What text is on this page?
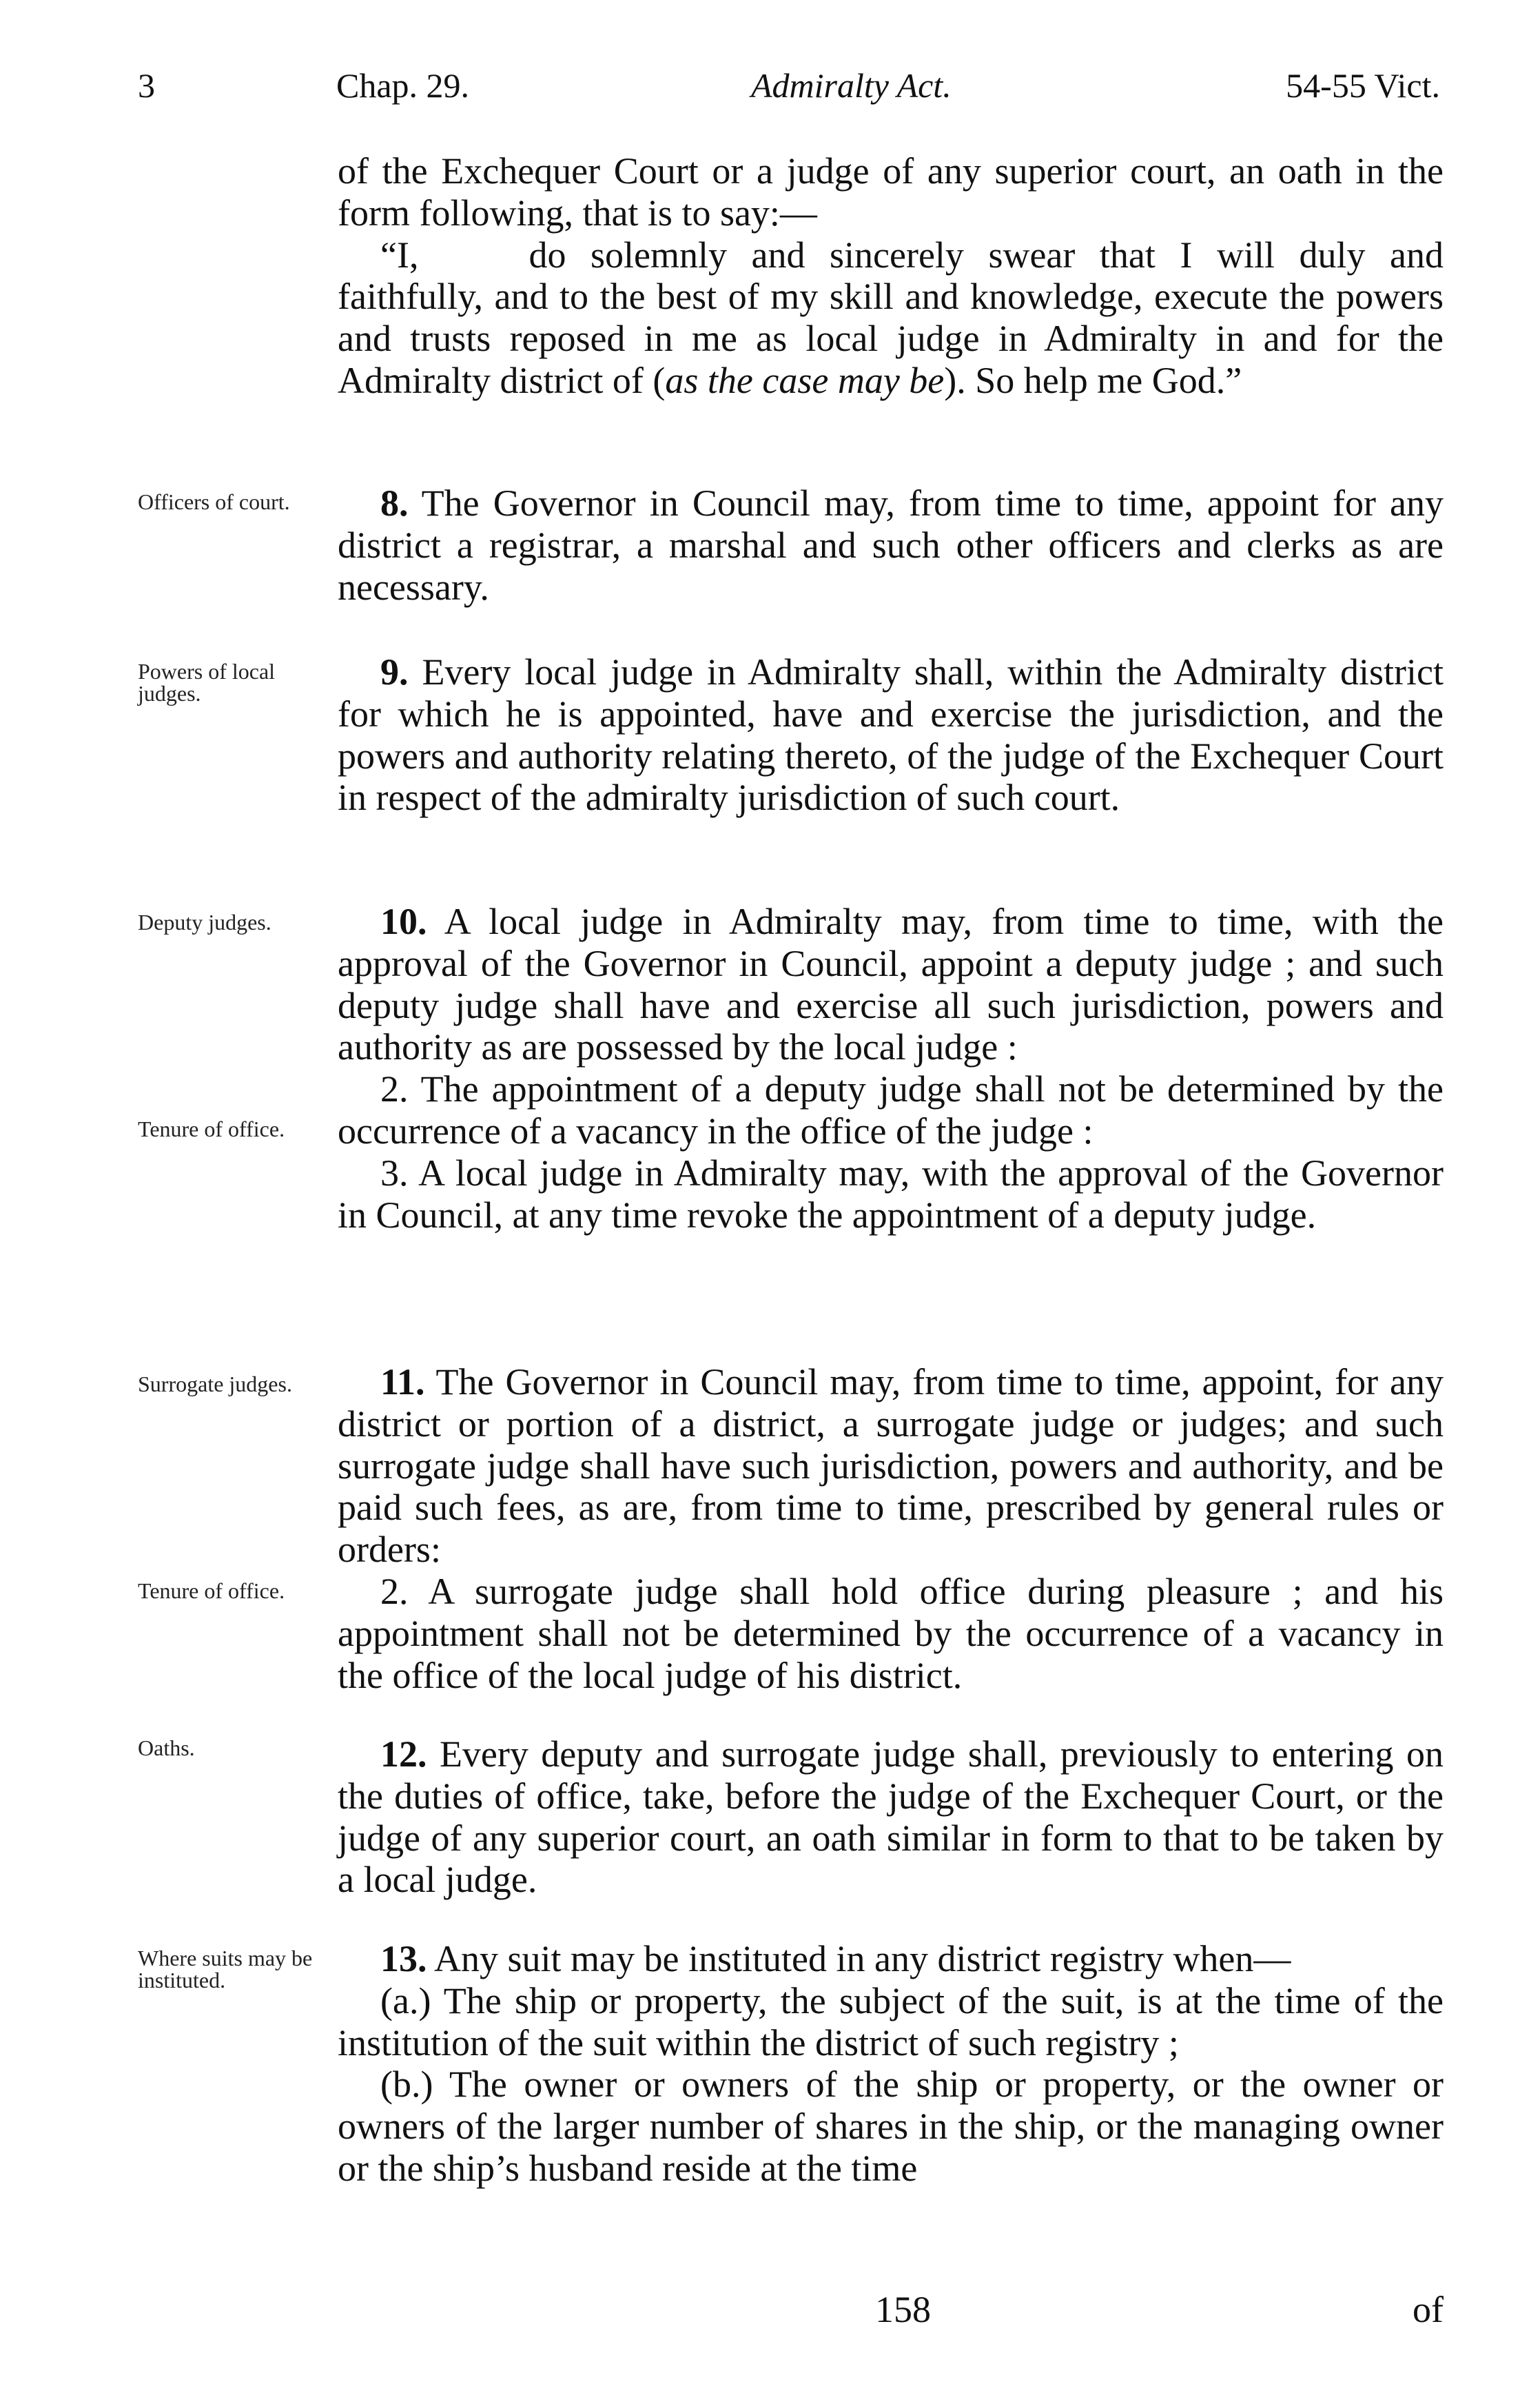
3	Chap. 29.	Admiralty Act.	54-55 Vict.
Officers of court.
Powers of local judges.
Deputy judges.
Tenure of office.
Surrogate judges.
Tenure of office.
Oaths.
Where suits may be instituted.

of the Exchequer Court or a judge of any superior court, an oath in the form following, that is to say:—

“I,	do solemnly and sincerely swear that I will duly and faithfully, and to the best of my skill and knowledge, execute the powers and trusts reposed in me as local judge in Admiralty in and for the Admiralty district of (as the case may be). So help me God.”

8. The Governor in Council may, from time to time, appoint for any district a registrar, a marshal and such other officers and clerks as are necessary.

9. Every local judge in Admiralty shall, within the Admiralty district for which he is appointed, have and exercise the jurisdiction, and the powers and authority relating thereto, of the judge of the Exchequer Court in respect of the admiralty jurisdiction of such court.

10. A local judge in Admiralty may, from time to time, with the approval of the Governor in Council, appoint a deputy judge ; and such deputy judge shall have and exercise all such jurisdiction, powers and authority as are possessed by the local judge :

2. The appointment of a deputy judge shall not be determined by the occurrence of a vacancy in the office of the judge :

3. A local judge in Admiralty may, with the approval of the Governor in Council, at any time revoke the appointment of a deputy judge.

11. The Governor in Council may, from time to time, appoint, for any district or portion of a district, a surrogate judge or judges; and such surrogate judge shall have such jurisdiction, powers and authority, and be paid such fees, as are, from time to time, prescribed by general rules or orders:

2. A surrogate judge shall hold office during pleasure ; and his appointment shall not be determined by the occurrence of a vacancy in the office of the local judge of his district.

12. Every deputy and surrogate judge shall, previously to entering on the duties of office, take, before the judge of the Exchequer Court, or the judge of any superior court, an oath similar in form to that to be taken by a local judge.

13. Any suit may be instituted in any district registry when—

(a.) The ship or property, the subject of the suit, is at the time of the institution of the suit within the district of such registry ;

(b.) The owner or owners of the ship or property, or the owner or owners of the larger number of shares in the ship, or the managing owner or the ship’s husband reside at the time

158	of
